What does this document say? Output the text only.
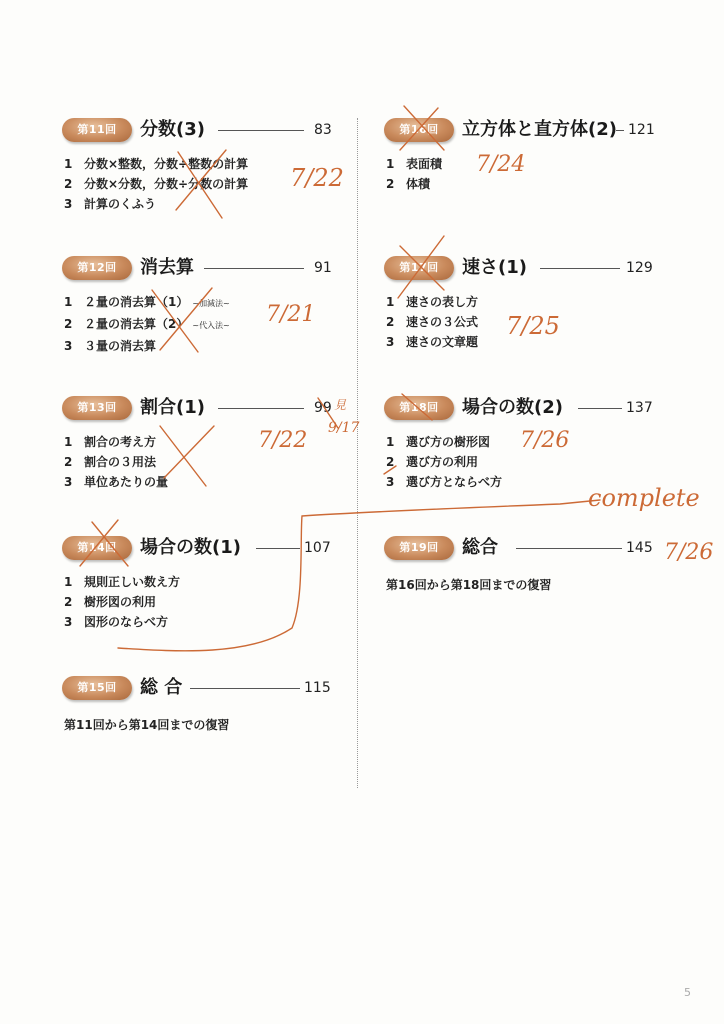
第11回	分数(3)	83
1 分数×整数，分数÷整数の計算
2 分数×分数，分数÷分数の計算
3 計算のくふう
第12回	消去算	91
1 ２量の消去算（1） ~加減法~
2 ２量の消去算（2） ~代入法~
3 ３量の消去算
第13回	割合(1)	99
1 割合の考え方
2 割合の３用法
3 単位あたりの量
第14回	場合の数(1)	107
1 規則正しい数え方
2 樹形図の利用
3 図形のならべ方
第15回	総 合	115
第11回から第14回までの復習
第16回	立方体と直方体(2) 121
1 表面積
2 体積
第17回	速さ(1)	129
1 速さの表し方
2 速さの３公式
3 速さの文章題
第18回	場合の数(2)	137
1 選び方の樹形図
2 選び方の利用
3 選び方とならべ方
第19回	総合	145
第16回から第18回までの復習
7/22
7/21
7/22
見
9/17
7/24
7/25
7/26
complete
7/26
5
